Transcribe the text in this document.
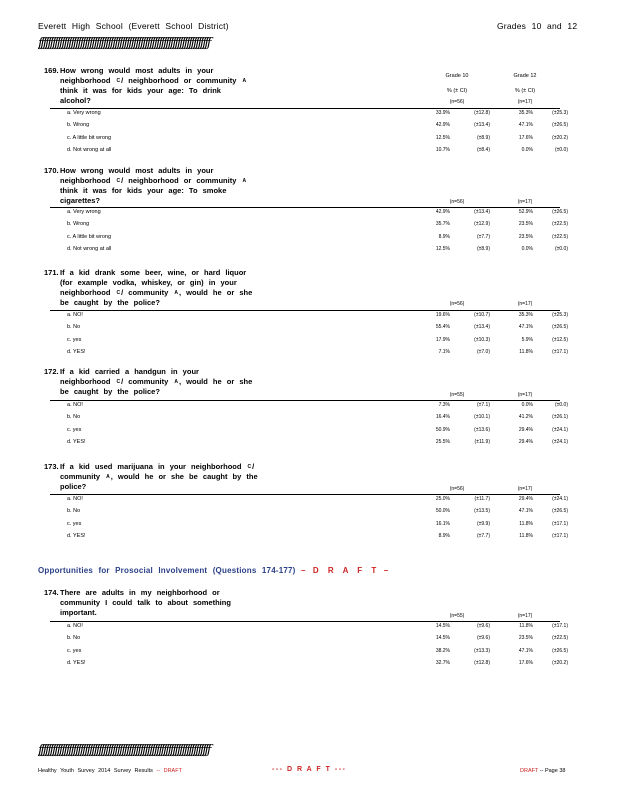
Everett High School (Everett School District)	Grades 10 and 12
ƒƒƒƒƒƒƒƒƒƒƒƒƒƒƒƒƒƒƒƒƒƒƒƒƒƒƒƒƒƒƒƒƒƒƒƒƒƒƒƒƒƒƒƒƒƒƒƒƒƒƒƒƒƒƒƒƒƒƒƒƒƒƒƒƒƒƒƒƒƒƒƒƒƒ
Grade 10	Grade 12
% (± CI)	% (± CI)
169. How wrong would most adults in your
neighborhood $^C$/ neighborhood or community $^A$
think it was for kids your age: To drink
alcohol?	(n=56)	(n=17)
a. Very wrong	33.9%	(±12.8)	35.3%	(±25.3)
b. Wrong	42.9%	(±13.4)	47.1%	(±26.5)
c. A little bit wrong	12.5%	(±8.9)	17.6%	(±20.2)
d. Not wrong at all	10.7%	(±8.4)	0.0%	(±0.0)
170. How wrong would most adults in your
neighborhood $^C$/ neighborhood or community $^A$
think it was for kids your age: To smoke
cigarettes?	(n=56)	(n=17)
a. Very wrong	42.9%	(±13.4)	52.9%	(±26.5)
b. Wrong	35.7%	(±12.9)	23.5%	(±22.5)
c. A little bit wrong	8.9%	(±7.7)	23.5%	(±22.5)
d. Not wrong at all	12.5%	(±8.9)	0.0%	(±0.0)
171. If a kid drank some beer, wine, or hard liquor
(for example vodka, whiskey, or gin) in your
neighborhood $^C$/ community $^A$, would he or she
be caught by the police?	(n=56)	(n=17)
a. NO!	19.6%	(±10.7)	35.3%	(±25.3)
b. No	55.4%	(±13.4)	47.1%	(±26.5)
c. yes	17.9%	(±10.3)	5.9%	(±12.5)
d. YES!	7.1%	(±7.0)	11.8%	(±17.1)
172. If a kid carried a handgun in your
neighborhood $^C$/ community $^A$, would he or she
be caught by the police?	(n=55)	(n=17)
a. NO!	7.3%	(±7.1)	0.0%	(±0.0)
b. No	16.4%	(±10.1)	41.2%	(±26.1)
c. yes	50.9%	(±13.6)	29.4%	(±24.1)
d. YES!	25.5%	(±11.9)	29.4%	(±24.1)
173. If a kid used marijuana in your neighborhood $^C$/
community $^A$, would he or she be caught by the
police?	(n=56)	(n=17)
a. NO!	25.0%	(±11.7)	29.4%	(±24.1)
b. No	50.0%	(±13.5)	47.1%	(±26.5)
c. yes	16.1%	(±9.9)	11.8%	(±17.1)
d. YES!	8.9%	(±7.7)	11.8%	(±17.1)
174. There are adults in my neighborhood or
community I could talk to about something
important.	(n=55)	(n=17)
a. NO!	14.5%	(±9.6)	11.8%	(±17.1)
b. No	14.5%	(±9.6)	23.5%	(±22.5)
c. yes	38.2%	(±13.3)	47.1%	(±26.5)
d. YES!	32.7%	(±12.8)	17.6%	(±20.2)
Opportunities for Prosocial Involvement (Questions 174-177) – D R A F T –
ƒƒƒƒƒƒƒƒƒƒƒƒƒƒƒƒƒƒƒƒƒƒƒƒƒƒƒƒƒƒƒƒƒƒƒƒƒƒƒƒƒƒƒƒƒƒƒƒƒƒƒƒƒƒƒƒƒƒƒƒƒƒƒƒƒƒƒƒƒƒƒƒƒƒ
Healthy Youth Survey 2014 Survey Results -- DRAFT	--- D R A F T ---	DRAFT -- Page 38
